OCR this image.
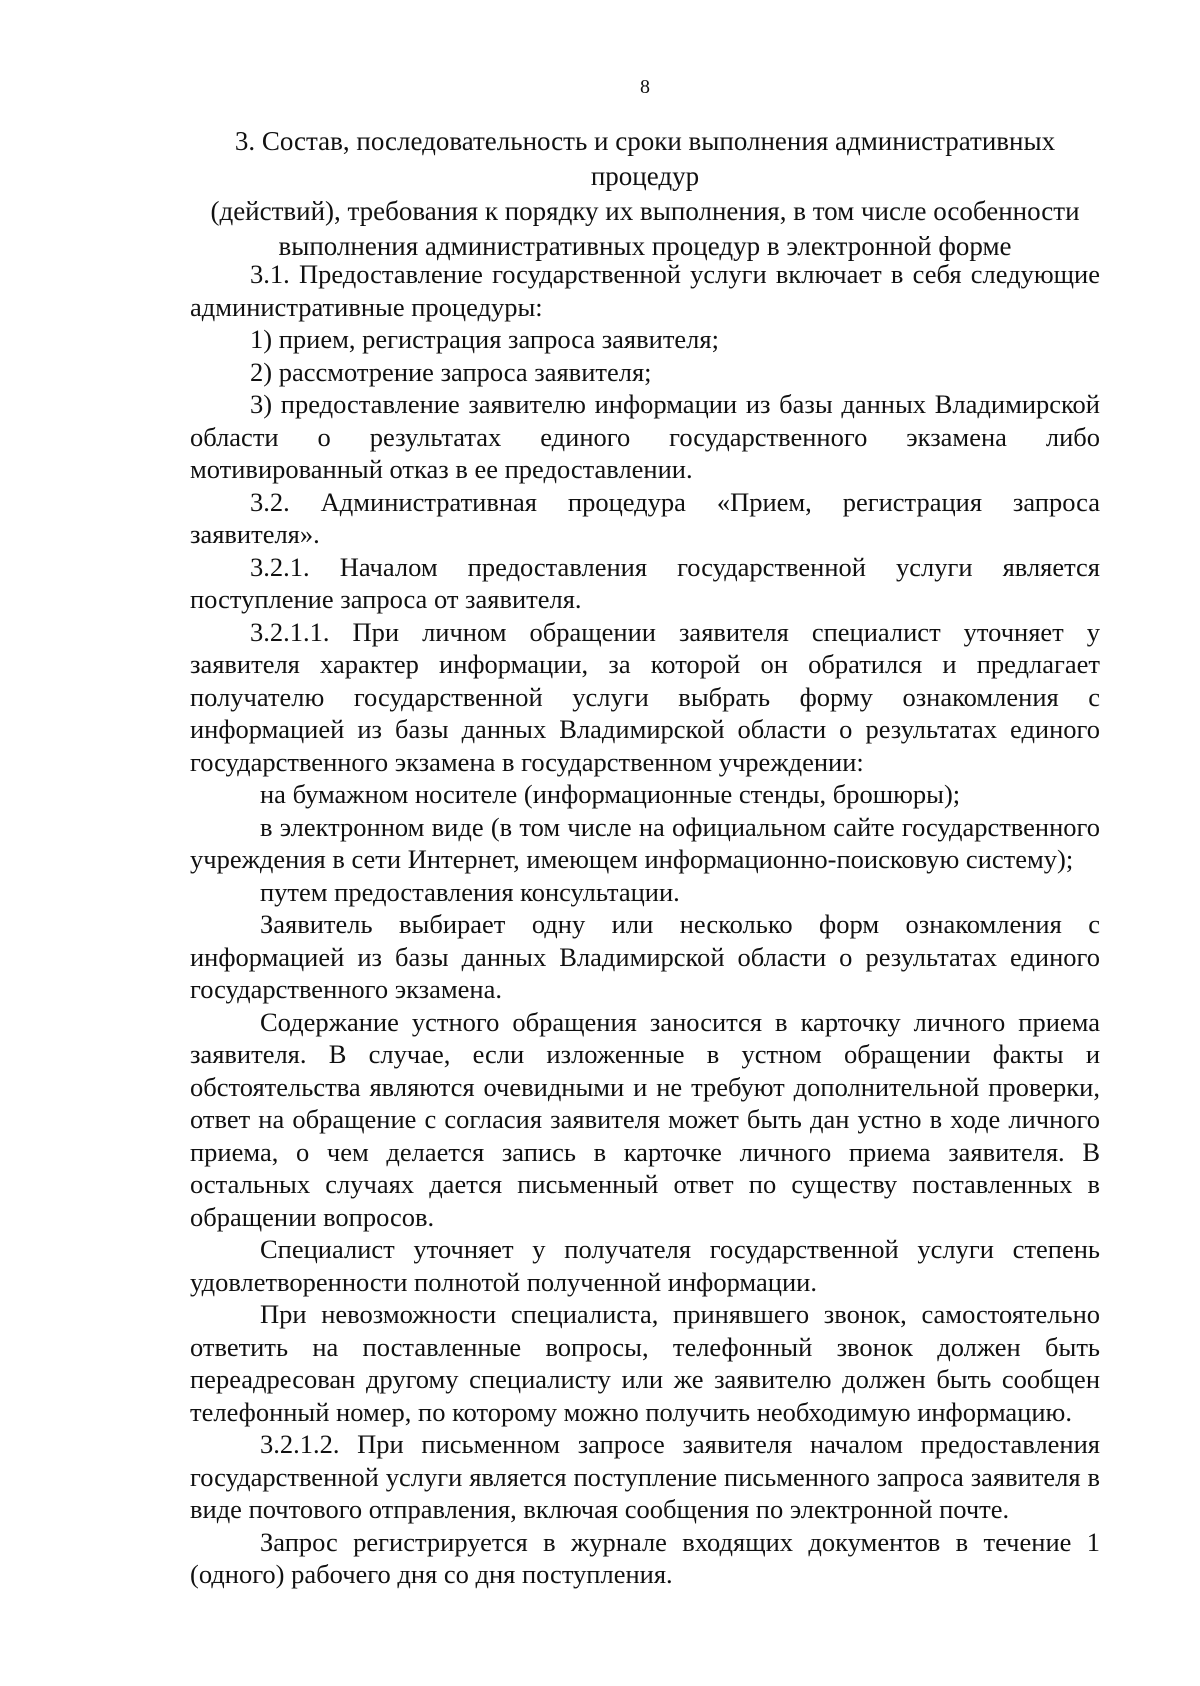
8
3. Состав, последовательность и сроки выполнения административных процедур
(действий), требования к порядку их выполнения, в том числе особенности
выполнения административных процедур в электронной форме

3.1. Предоставление государственной услуги включает в себя следующие административные процедуры:

1) прием, регистрация запроса заявителя;

2) рассмотрение запроса заявителя;

3) предоставление заявителю информации из базы данных Владимирской области о результатах единого государственного экзамена либо мотивированный отказ в ее предоставлении.

3.2. Административная процедура «Прием, регистрация запроса заявителя».

3.2.1. Началом предоставления государственной услуги является поступление запроса от заявителя.

3.2.1.1. При личном обращении заявителя специалист уточняет у заявителя характер информации, за которой он обратился и предлагает получателю государственной услуги выбрать форму ознакомления с информацией из базы данных Владимирской области о результатах единого государственного экзамена в государственном учреждении:

на бумажном носителе (информационные стенды, брошюры);

в электронном виде (в том числе на официальном сайте государственного учреждения в сети Интернет, имеющем информационно-поисковую систему);

путем предоставления консультации.

Заявитель выбирает одну или несколько форм ознакомления с информацией из базы данных Владимирской области о результатах единого государственного экзамена.

Содержание устного обращения заносится в карточку личного приема заявителя. В случае, если изложенные в устном обращении факты и обстоятельства являются очевидными и не требуют дополнительной проверки, ответ на обращение с согласия заявителя может быть дан устно в ходе личного приема, о чем делается запись в карточке личного приема заявителя. В остальных случаях дается письменный ответ по существу поставленных в обращении вопросов.

Специалист уточняет у получателя государственной услуги степень удовлетворенности полнотой полученной информации.

При невозможности специалиста, принявшего звонок, самостоятельно ответить на поставленные вопросы, телефонный звонок должен быть переадресован другому специалисту или же заявителю должен быть сообщен телефонный номер, по которому можно получить необходимую информацию.

3.2.1.2. При письменном запросе заявителя началом предоставления государственной услуги является поступление письменного запроса заявителя в виде почтового отправления, включая сообщения по электронной почте.

Запрос регистрируется в журнале входящих документов в течение 1 (одного) рабочего дня со дня поступления.
